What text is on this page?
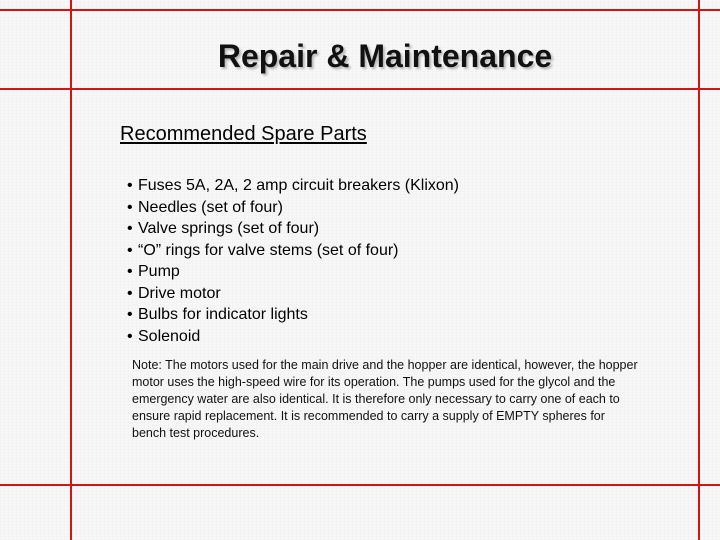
Repair & Maintenance
Recommended Spare Parts
• Fuses 5A, 2A, 2 amp circuit breakers (Klixon)
• Needles (set of four)
• Valve springs (set of four)
• “O” rings for valve stems (set of four)
• Pump
• Drive motor
• Bulbs for indicator lights
• Solenoid

Note: The motors used for the main drive and the hopper are identical, however, the hopper motor uses the high-speed wire for its operation. The pumps used for the glycol and the emergency water are also identical. It is therefore only necessary to carry one of each to ensure rapid replacement. It is recommended to carry a supply of EMPTY spheres for bench test procedures.
